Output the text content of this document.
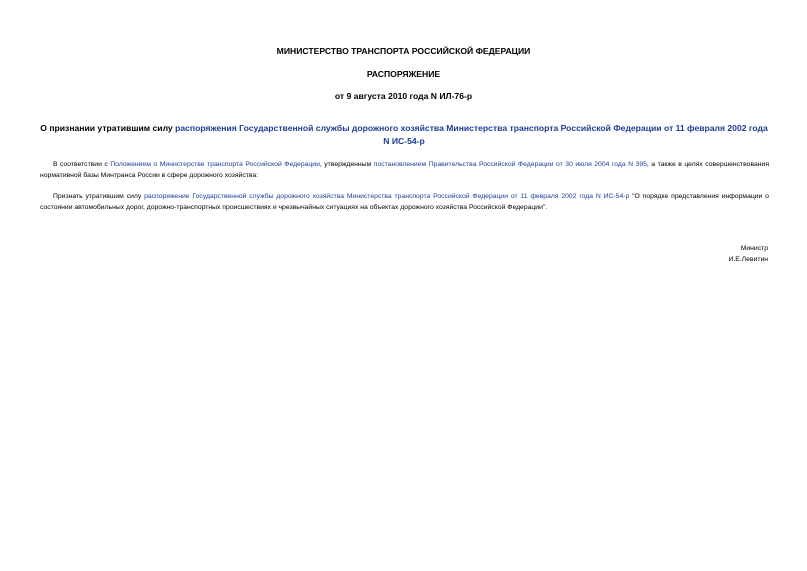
МИНИСТЕРСТВО ТРАНСПОРТА РОССИЙСКОЙ ФЕДЕРАЦИИ
РАСПОРЯЖЕНИЕ
от 9 августа 2010 года N ИЛ-76-р
О признании утратившим силу распоряжения Государственной службы дорожного хозяйства Министерства транспорта Российской Федерации от 11 февраля 2002 года N ИС-54-р
В соответствии с Положением о Министерстве транспорта Российской Федерации, утвержденным постановлением Правительства Российской Федерации от 30 июля 2004 года N 395, а также в целях совершенствования нормативной базы Минтранса России в сфере дорожного хозяйства:
Признать утратившим силу распоряжение Государственной службы дорожного хозяйства Министерства транспорта Российской Федерации от 11 февраля 2002 года N ИС-54-р "О порядке представления информации о состоянии автомобильных дорог, дорожно-транспортных происшествиях и чрезвычайных ситуациях на объектах дорожного хозяйства Российской Федерации".
Министр
И.Е.Левитин
